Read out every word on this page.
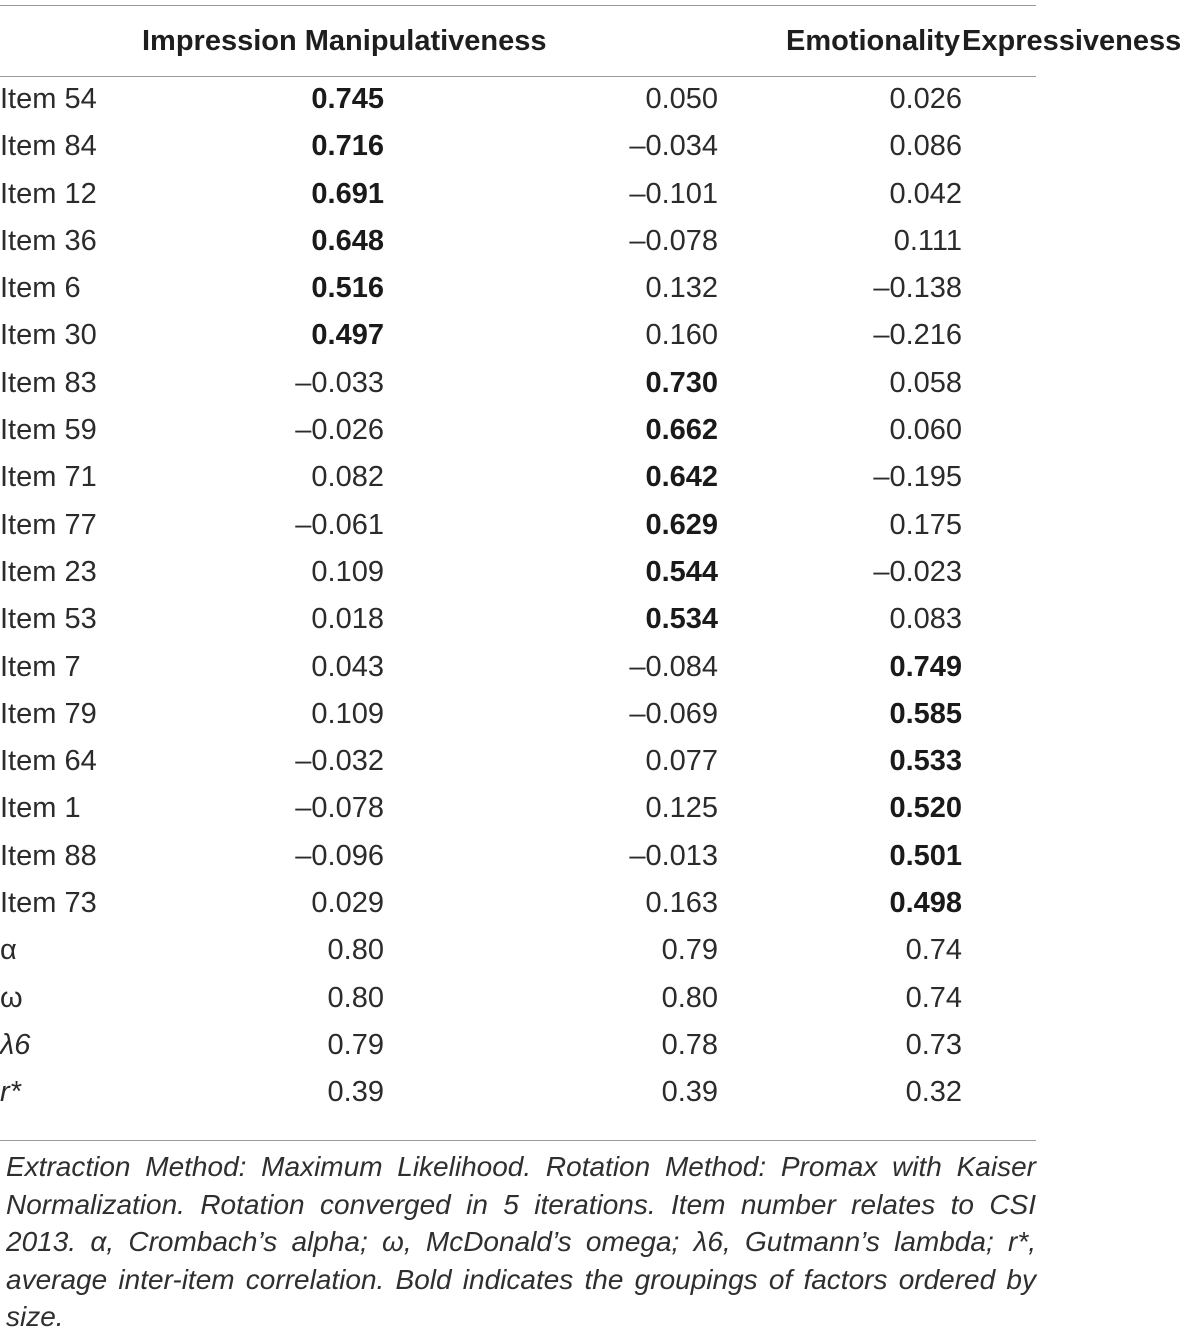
	Impression Manipulativeness		Emotionality	Expressiveness
Item 54	0.745	0.050	0.026	
Item 84	0.716	–0.034	0.086	
Item 12	0.691	–0.101	0.042	
Item 36	0.648	–0.078	0.111	
Item 6	0.516	0.132	–0.138	
Item 30	0.497	0.160	–0.216	
Item 83	–0.033	0.730	0.058	
Item 59	–0.026	0.662	0.060	
Item 71	0.082	0.642	–0.195	
Item 77	–0.061	0.629	0.175	
Item 23	0.109	0.544	–0.023	
Item 53	0.018	0.534	0.083	
Item 7	0.043	–0.084	0.749	
Item 79	0.109	–0.069	0.585	
Item 64	–0.032	0.077	0.533	
Item 1	–0.078	0.125	0.520	
Item 88	–0.096	–0.013	0.501	
Item 73	0.029	0.163	0.498	
α	0.80	0.79	0.74	
ω	0.80	0.80	0.74	
λ6	0.79	0.78	0.73	
r*	0.39	0.39	0.32	

Extraction Method: Maximum Likelihood. Rotation Method: Promax with Kaiser Normalization. Rotation converged in 5 iterations. Item number relates to CSI 2013. α, Crombach’s alpha; ω, McDonald’s omega; λ6, Gutmann’s lambda; r*, average inter-item correlation. Bold indicates the groupings of factors ordered by size.
